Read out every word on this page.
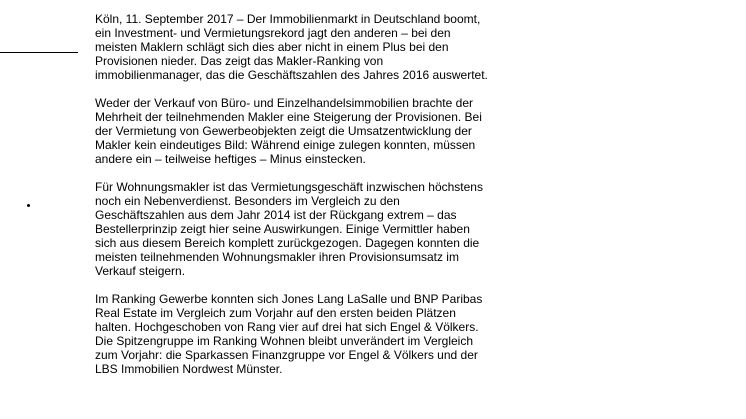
Köln, 11. September 2017 – Der Immobilienmarkt in Deutschland boomt,
ein Investment- und Vermietungsrekord jagt den anderen – bei den
meisten Maklern schlägt sich dies aber nicht in einem Plus bei den
Provisionen nieder. Das zeigt das Makler-Ranking von
immobilienmanager, das die Geschäftszahlen des Jahres 2016 auswertet.

Weder der Verkauf von Büro- und Einzelhandelsimmobilien brachte der
Mehrheit der teilnehmenden Makler eine Steigerung der Provisionen. Bei
der Vermietung von Gewerbeobjekten zeigt die Umsatzentwicklung der
Makler kein eindeutiges Bild: Während einige zulegen konnten, müssen
andere ein – teilweise heftiges – Minus einstecken.

Für Wohnungsmakler ist das Vermietungsgeschäft inzwischen höchstens
noch ein Nebenverdienst. Besonders im Vergleich zu den
Geschäftszahlen aus dem Jahr 2014 ist der Rückgang extrem – das
Bestellerprinzip zeigt hier seine Auswirkungen. Einige Vermittler haben
sich aus diesem Bereich komplett zurückgezogen. Dagegen konnten die
meisten teilnehmenden Wohnungsmakler ihren Provisionsumsatz im
Verkauf steigern.

Im Ranking Gewerbe konnten sich Jones Lang LaSalle und BNP Paribas
Real Estate im Vergleich zum Vorjahr auf den ersten beiden Plätzen
halten. Hochgeschoben von Rang vier auf drei hat sich Engel & Völkers.
Die Spitzengruppe im Ranking Wohnen bleibt unverändert im Vergleich
zum Vorjahr: die Sparkassen Finanzgruppe vor Engel & Völkers und der
LBS Immobilien Nordwest Münster.
